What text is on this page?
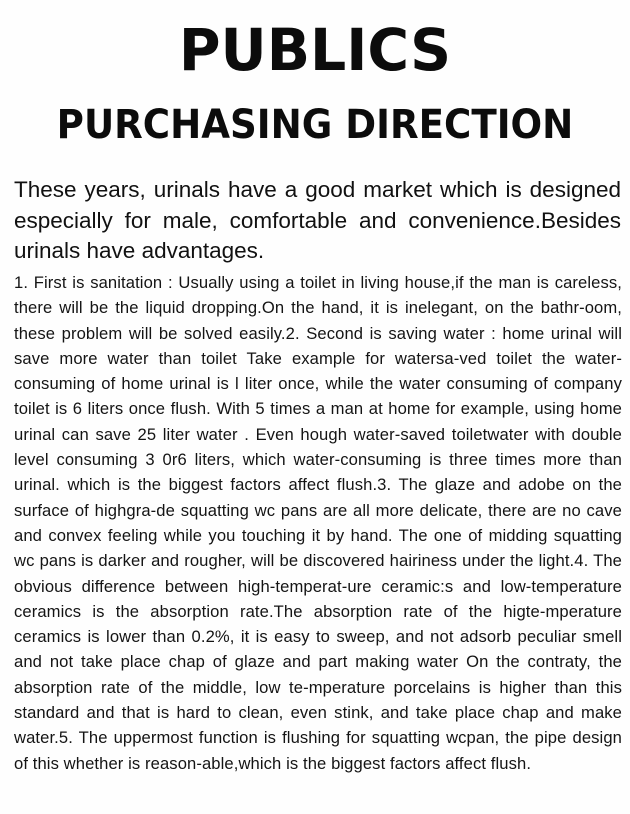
PUBLICS
PURCHASING DIRECTION
These years, urinals have a good market which is designed especially for male, comfortable and convenience.Besides urinals have advantages.
1. First is sanitation : Usually using a toilet in living house,if the man is careless, there will be the liquid dropping.On the hand, it is inelegant, on the bathr-oom, these problem will be solved easily.2. Second is saving water : home urinal will save more water than toilet Take example for watersa-ved toilet the water-consuming of home urinal is l liter once, while the water consuming of company toilet is 6 liters once flush. With 5 times a man at home for example, using home urinal can save 25 liter water . Even hough water-saved toiletwater with double level consuming 3 0r6 liters, which water-consuming is three times more than urinal. which is the biggest factors affect flush.3. The glaze and adobe on the surface of highgra-de squatting wc pans are all more delicate, there are no cave and convex feeling while you touching it by hand. The one of midding squatting wc pans is darker and rougher, will be discovered hairiness under the light.4. The obvious difference between high-temperat-ure ceramic:s and low-temperature ceramics is the absorption rate.The absorption rate of the higte-mperature ceramics is lower than 0.2%, it is easy to sweep, and not adsorb peculiar smell and not take place chap of glaze and part making water On the contraty, the absorption rate of the middle, low te-mperature porcelains is higher than this standard and that is hard to clean, even stink, and take place chap and make water.5. The uppermost function is flushing for squatting wcpan, the pipe design of this whether is reason-able,which is the biggest factors affect flush.
